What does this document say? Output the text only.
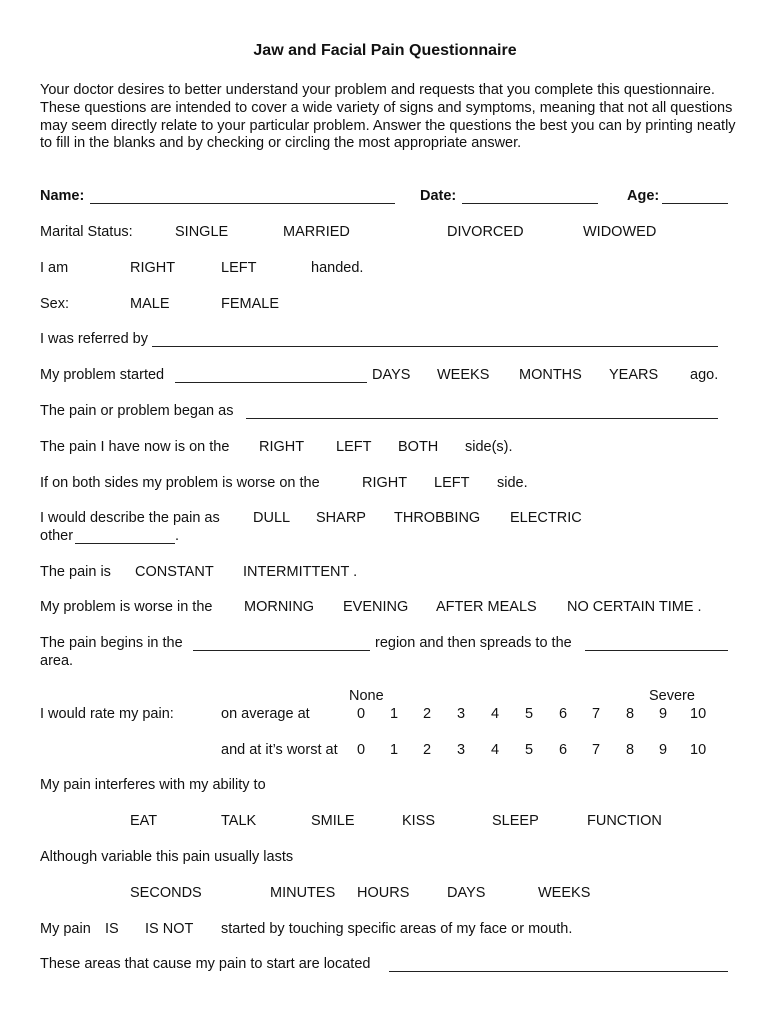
Jaw and Facial Pain Questionnaire
Your doctor desires to better understand your problem and requests that you complete this questionnaire. These questions are intended to cover a wide variety of signs and symptoms, meaning that not all questions may seem directly relate to your particular problem. Answer the questions the best you can by printing neatly to fill in the blanks and by checking or circling the most appropriate answer.
Name:	Date:	Age:
Marital Status:	SINGLE	MARRIED	DIVORCED	WIDOWED
I am	RIGHT	LEFT	handed.
Sex:	MALE	FEMALE
I was referred by
My problem started	DAYS WEEKS MONTHS YEARS ago.
The pain or problem began as
The pain I have now is on the RIGHT LEFT BOTH side(s).
If on both sides my problem is worse on the	RIGHT LEFT side.
I would describe the pain as DULL SHARP THROBBING ELECTRIC
other	.
The pain is CONSTANT INTERMITTENT .
My problem is worse in the MORNING EVENING AFTER MEALS NO CERTAIN TIME .
The pain begins in the	region and then spreads to the
area.
None	Severe
I would rate my pain:	on average at	0 1 2 3 4 5 6 7 8 9 10
and at it’s worst at 0 1 2 3 4 5 6 7 8 9 10
My pain interferes with my ability to
EAT	TALK	SMILE	KISS	SLEEP	FUNCTION
Although variable this pain usually lasts
SECONDS	MINUTES HOURS	DAYS	WEEKS
My pain IS IS NOT started by touching specific areas of my face or mouth.
These areas that cause my pain to start are located
